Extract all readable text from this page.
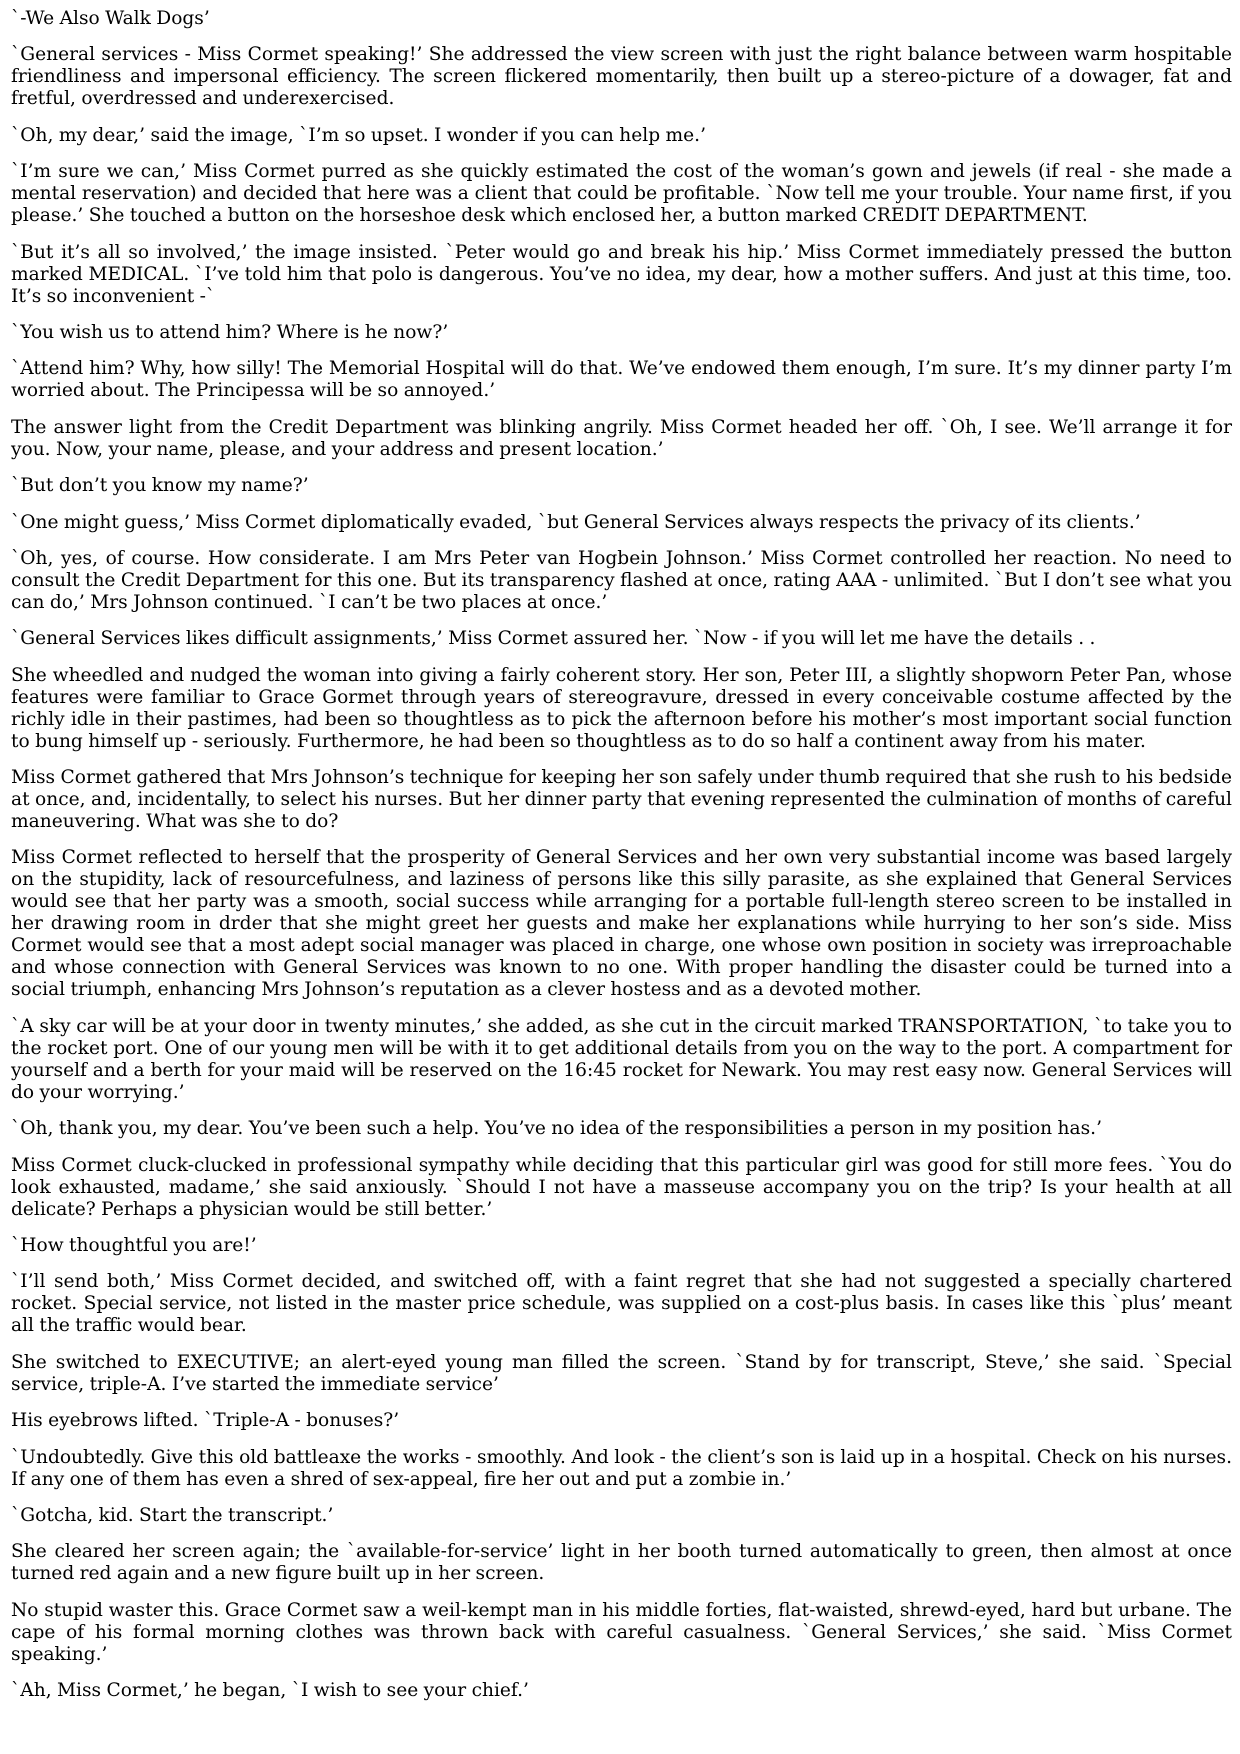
`-We Also Walk Dogs’

`General services - Miss Cormet speaking!’ She addressed the view screen with just the right balance between warm hospitable friendliness and impersonal efficiency. The screen flickered momentarily, then built up a stereo-picture of a dowager, fat and fretful, overdressed and underexercised.

`Oh, my dear,’ said the image, `I’m so upset. I wonder if you can help me.’

`I’m sure we can,’ Miss Cormet purred as she quickly estimated the cost of the woman’s gown and jewels (if real - she made a mental reservation) and decided that here was a client that could be profitable. `Now tell me your trouble. Your name first, if you please.’ She touched a button on the horseshoe desk which enclosed her, a button marked CREDIT DEPARTMENT.

`But it’s all so involved,’ the image insisted. `Peter would go and break his hip.’ Miss Cormet immediately pressed the button marked MEDICAL. `I’ve told him that polo is dangerous. You’ve no idea, my dear, how a mother suffers. And just at this time, too. It’s so inconvenient -`

`You wish us to attend him? Where is he now?’

`Attend him? Why, how silly! The Memorial Hospital will do that. We’ve endowed them enough, I’m sure. It’s my dinner party I’m worried about. The Principessa will be so annoyed.’

The answer light from the Credit Department was blinking angrily. Miss Cormet headed her off. `Oh, I see. We’ll arrange it for you. Now, your name, please, and your address and present location.’

`But don’t you know my name?’

`One might guess,’ Miss Cormet diplomatically evaded, `but General Services always respects the privacy of its clients.’

`Oh, yes, of course. How considerate. I am Mrs Peter van Hogbein Johnson.’ Miss Cormet controlled her reaction. No need to consult the Credit Department for this one. But its transparency flashed at once, rating AAA - unlimited. `But I don’t see what you can do,’ Mrs Johnson continued. `I can’t be two places at once.’

`General Services likes difficult assignments,’ Miss Cormet assured her. `Now - if you will let me have the details . .

She wheedled and nudged the woman into giving a fairly coherent story. Her son, Peter III, a slightly shopworn Peter Pan, whose features were familiar to Grace Gormet through years of stereogravure, dressed in every conceivable costume affected by the richly idle in their pastimes, had been so thoughtless as to pick the afternoon before his mother’s most important social function to bung himself up - seriously. Furthermore, he had been so thoughtless as to do so half a continent away from his mater.

Miss Cormet gathered that Mrs Johnson’s technique for keeping her son safely under thumb required that she rush to his bedside at once, and, incidentally, to select his nurses. But her dinner party that evening represented the culmination of months of careful maneuvering. What was she to do?

Miss Cormet reflected to herself that the prosperity of General Services and her own very substantial income was based largely on the stupidity, lack of resourcefulness, and laziness of persons like this silly parasite, as she explained that General Services would see that her party was a smooth, social success while arranging for a portable full-length stereo screen to be installed in her drawing room in drder that she might greet her guests and make her explanations while hurrying to her son’s side. Miss Cormet would see that a most adept social manager was placed in charge, one whose own position in society was irreproachable and whose connection with General Services was known to no one. With proper handling the disaster could be turned into a social triumph, enhancing Mrs Johnson’s reputation as a clever hostess and as a devoted mother.

`A sky car will be at your door in twenty minutes,’ she added, as she cut in the circuit marked TRANSPORTATION, `to take you to the rocket port. One of our young men will be with it to get additional details from you on the way to the port. A compartment for yourself and a berth for your maid will be reserved on the 16:45 rocket for Newark. You may rest easy now. General Services will do your worrying.’

`Oh, thank you, my dear. You’ve been such a help. You’ve no idea of the responsibilities a person in my position has.’

Miss Cormet cluck-clucked in professional sympathy while deciding that this particular girl was good for still more fees. `You do look exhausted, madame,’ she said anxiously. `Should I not have a masseuse accompany you on the trip? Is your health at all delicate? Perhaps a physician would be still better.’

`How thoughtful you are!’

`I’ll send both,’ Miss Cormet decided, and switched off, with a faint regret that she had not suggested a specially chartered rocket. Special service, not listed in the master price schedule, was supplied on a cost-plus basis. In cases like this `plus’ meant all the traffic would bear.

She switched to EXECUTIVE; an alert-eyed young man filled the screen. `Stand by for transcript, Steve,’ she said. `Special service, triple-A. I’ve started the immediate service’

His eyebrows lifted. `Triple-A - bonuses?’

`Undoubtedly. Give this old battleaxe the works - smoothly. And look - the client’s son is laid up in a hospital. Check on his nurses. If any one of them has even a shred of sex-appeal, fire her out and put a zombie in.’

`Gotcha, kid. Start the transcript.’

She cleared her screen again; the `available-for-service’ light in her booth turned automatically to green, then almost at once turned red again and a new figure built up in her screen.

No stupid waster this. Grace Cormet saw a weil-kempt man in his middle forties, flat-waisted, shrewd-eyed, hard but urbane. The cape of his formal morning clothes was thrown back with careful casualness. `General Services,’ she said. `Miss Cormet speaking.’

`Ah, Miss Cormet,’ he began, `I wish to see your chief.’
